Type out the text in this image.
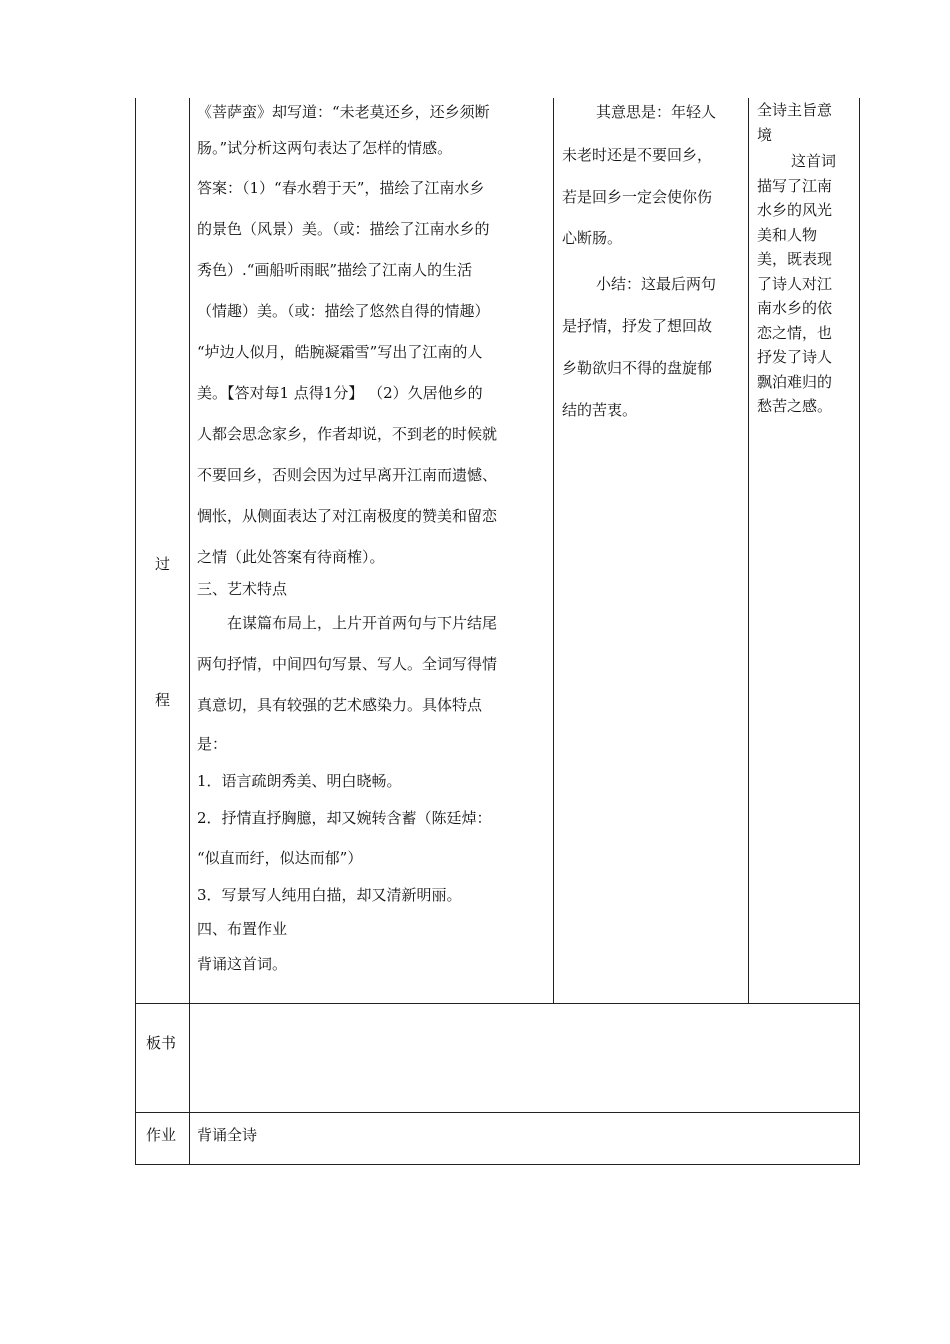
过
程
板书
作业
《菩萨蛮》却写道：“未老莫还乡，还乡须断
肠。”试分析这两句表达了怎样的情感。
答案：（1）“春水碧于天”，描绘了江南水乡
的景色（风景）美。（或：描绘了江南水乡的
秀色）.“画船听雨眠”描绘了江南人的生活
（情趣）美。（或：描绘了悠然自得的情趣）
“垆边人似月，皓腕凝霜雪”写出了江南的人
美。【答对每1 点得1分】 （2）久居他乡的
人都会思念家乡，作者却说，不到老的时候就
不要回乡，否则会因为过早离开江南而遗憾、
惆怅，从侧面表达了对江南极度的赞美和留恋
之情（此处答案有待商榷）。
三、艺术特点
在谋篇布局上，上片开首两句与下片结尾
两句抒情，中间四句写景、写人。全词写得情
真意切，具有较强的艺术感染力。具体特点
是：
1．语言疏朗秀美、明白晓畅。
2．抒情直抒胸臆，却又婉转含蓄（陈廷焯：
“似直而纡，似达而郁”）
3．写景写人纯用白描，却又清新明丽。
四、布置作业
背诵这首词。
其意思是：年轻人
未老时还是不要回乡，
若是回乡一定会使你伤
心断肠。
小结：这最后两句
是抒情，抒发了想回故
乡勒欲归不得的盘旋郁
结的苦衷。
全诗主旨意
境
这首词
描写了江南
水乡的风光
美和人物
美，既表现
了诗人对江
南水乡的依
恋之情，也
抒发了诗人
飘泊难归的
愁苦之感。
背诵全诗
